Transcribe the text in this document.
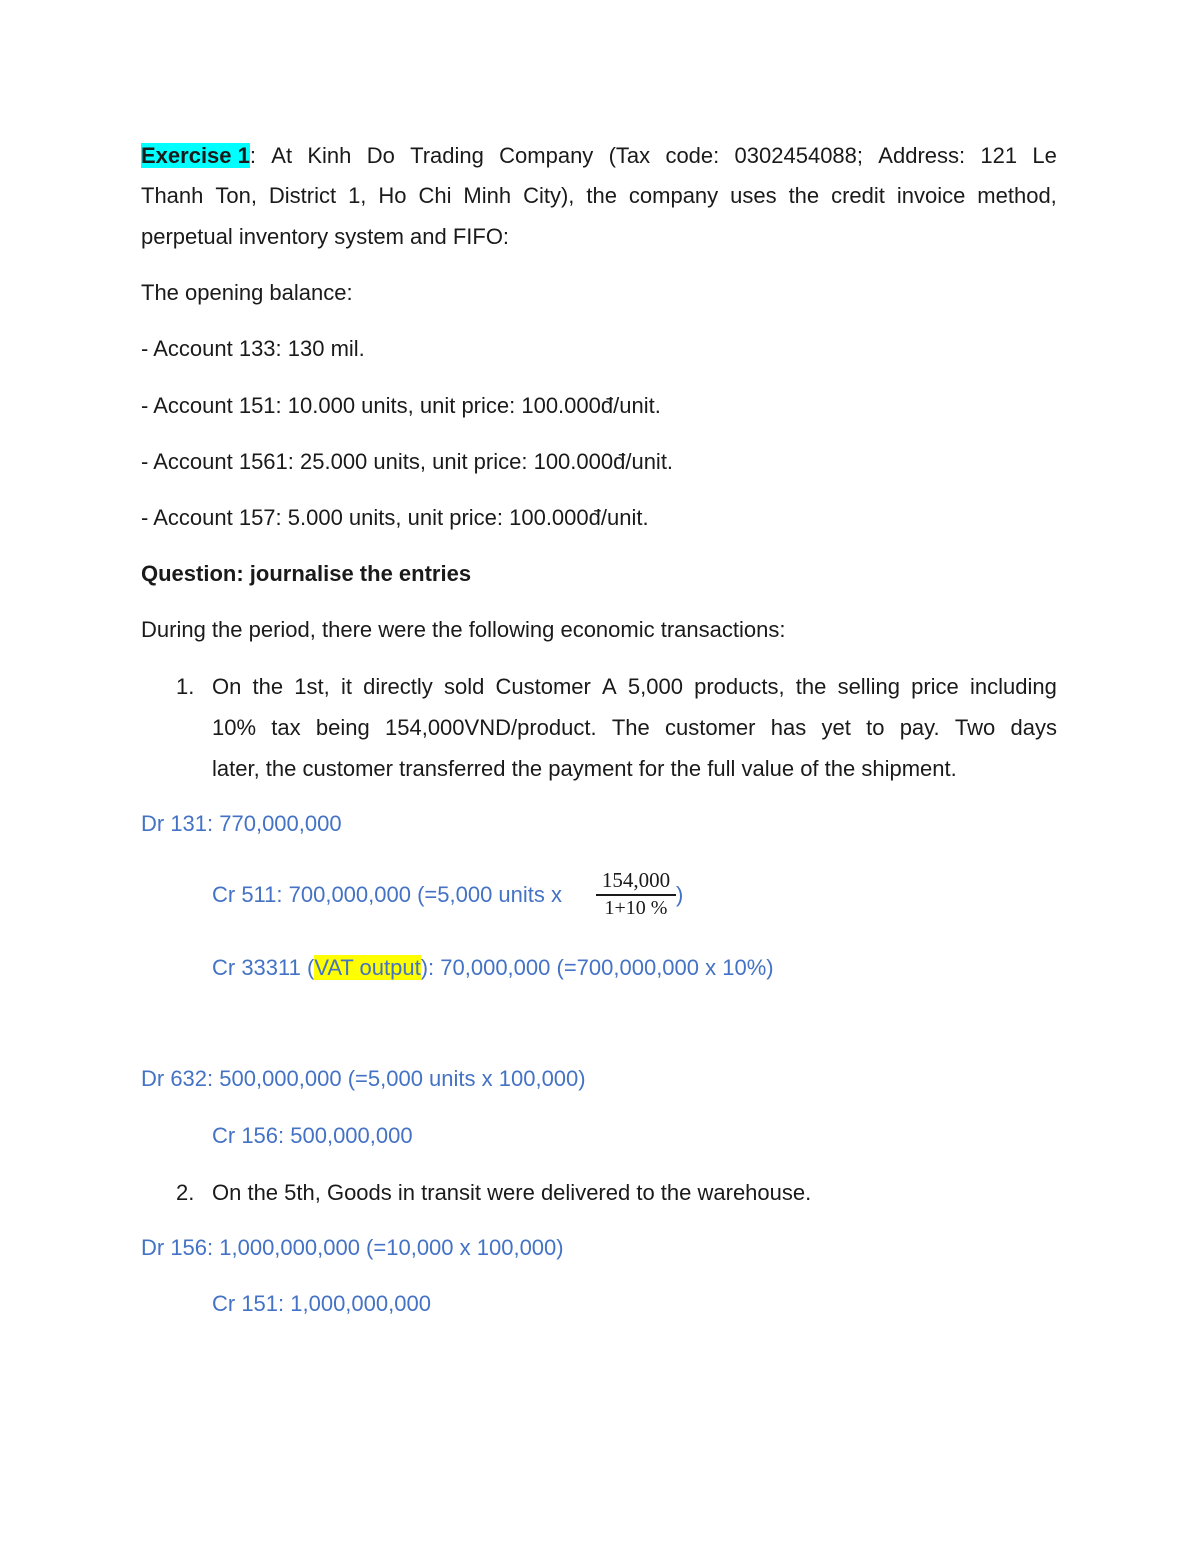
Exercise 1: At Kinh Do Trading Company (Tax code: 0302454088; Address: 121 Le
Thanh Ton, District 1, Ho Chi Minh City), the company uses the credit invoice method,
perpetual inventory system and FIFO:
The opening balance:
- Account 133: 130 mil.
- Account 151: 10.000 units, unit price: 100.000đ/unit.
- Account 1561: 25.000 units, unit price: 100.000đ/unit.
- Account 157: 5.000 units, unit price: 100.000đ/unit.
Question: journalise the entries
During the period, there were the following economic transactions:
1. On the 1st, it directly sold Customer A 5,000 products, the selling price including
10% tax being 154,000VND/product. The customer has yet to pay. Two days
later, the customer transferred the payment for the full value of the shipment.
Dr 131: 770,000,000
Cr 511: 700,000,000 (=5,000 units x
154,000
1+10 %
)
Cr 33311 (VAT output): 70,000,000 (=700,000,000 x 10%)
Dr 632: 500,000,000 (=5,000 units x 100,000)
Cr 156: 500,000,000
2. On the 5th, Goods in transit were delivered to the warehouse.
Dr 156: 1,000,000,000 (=10,000 x 100,000)
Cr 151: 1,000,000,000
